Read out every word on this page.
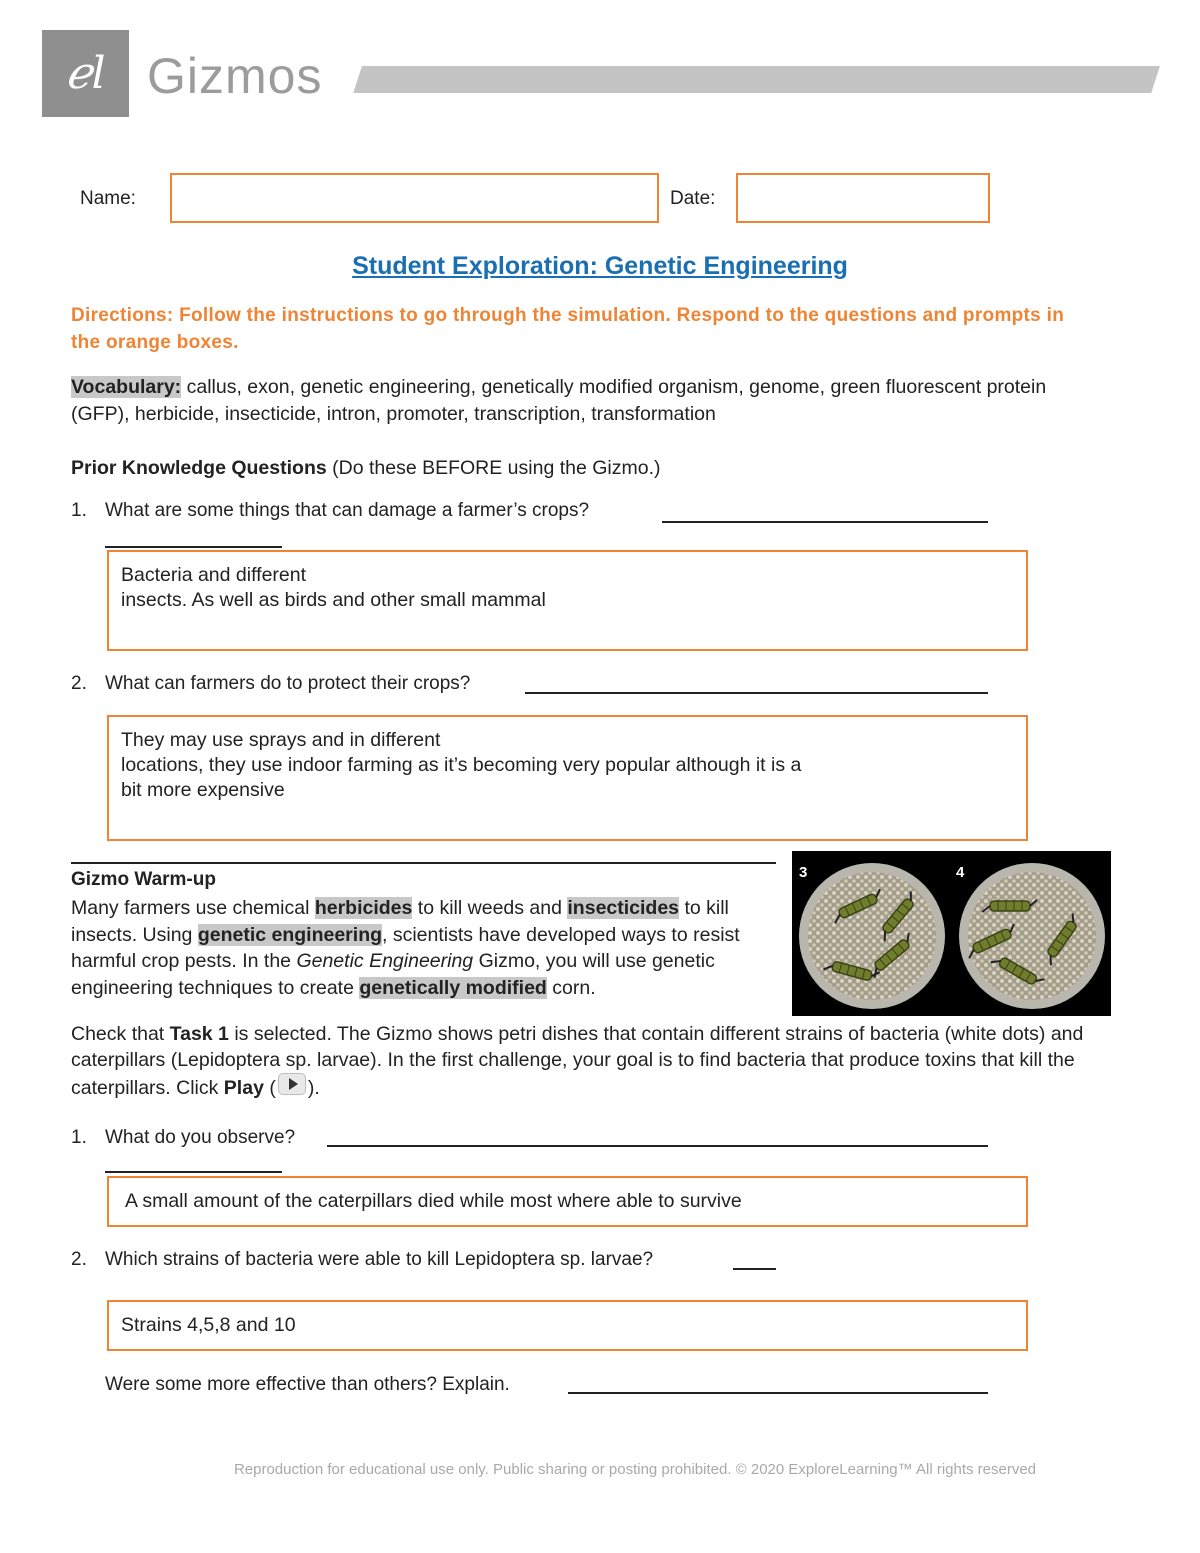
ℯl Gizmos
Name:	Date:
Student Exploration: Genetic Engineering
Directions: Follow the instructions to go through the simulation. Respond to the questions and prompts in the orange boxes.
Vocabulary: callus, exon, genetic engineering, genetically modified organism, genome, green fluorescent protein (GFP), herbicide, insecticide, intron, promoter, transcription, transformation
Prior Knowledge Questions (Do these BEFORE using the Gizmo.)
1. What are some things that can damage a farmer’s crops?
Bacteria and different
insects. As well as birds and other small mammal
2. What can farmers do to protect their crops?
They may use sprays and in different
locations, they use indoor farming as it’s becoming very popular although it is a
bit more expensive
Gizmo Warm-up
Many farmers use chemical herbicides to kill weeds and insecticides to kill insects. Using genetic engineering, scientists have developed ways to resist harmful crop pests. In the Genetic Engineering Gizmo, you will use genetic engineering techniques to create genetically modified corn.
3	4
Check that Task 1 is selected. The Gizmo shows petri dishes that contain different strains of bacteria (white dots) and caterpillars (Lepidoptera sp. larvae). In the first challenge, your goal is to find bacteria that produce toxins that kill the caterpillars. Click Play ( ).
1. What do you observe?
A small amount of the caterpillars died while most where able to survive
2. Which strains of bacteria were able to kill Lepidoptera sp. larvae?
Strains 4,5,8 and 10
Were some more effective than others? Explain.
Reproduction for educational use only. Public sharing or posting prohibited. © 2020 ExploreLearning™ All rights reserved
